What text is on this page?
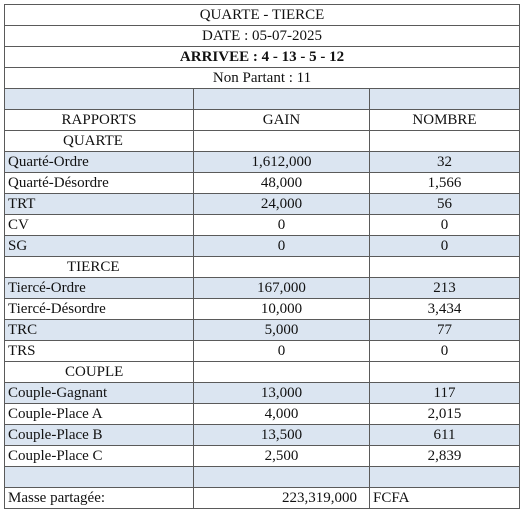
QUARTE - TIERCE		
DATE : 05-07-2025		
ARRIVEE : 4 - 13 - 5 - 12		
Non Partant : 11		

RAPPORTS	GAIN	NOMBRE
QUARTE		
Quarté-Ordre	1,612,000	32
Quarté-Désordre	48,000	1,566
TRT	24,000	56
CV	0	0
SG	0	0
TIERCE		
Tiercé-Ordre	167,000	213
Tiercé-Désordre	10,000	3,434
TRC	5,000	77
TRS	0	0
COUPLE		
Couple-Gagnant	13,000	117
Couple-Place A	4,000	2,015
Couple-Place B	13,500	611
Couple-Place C	2,500	2,839

Masse partagée:	223,319,000	FCFA
